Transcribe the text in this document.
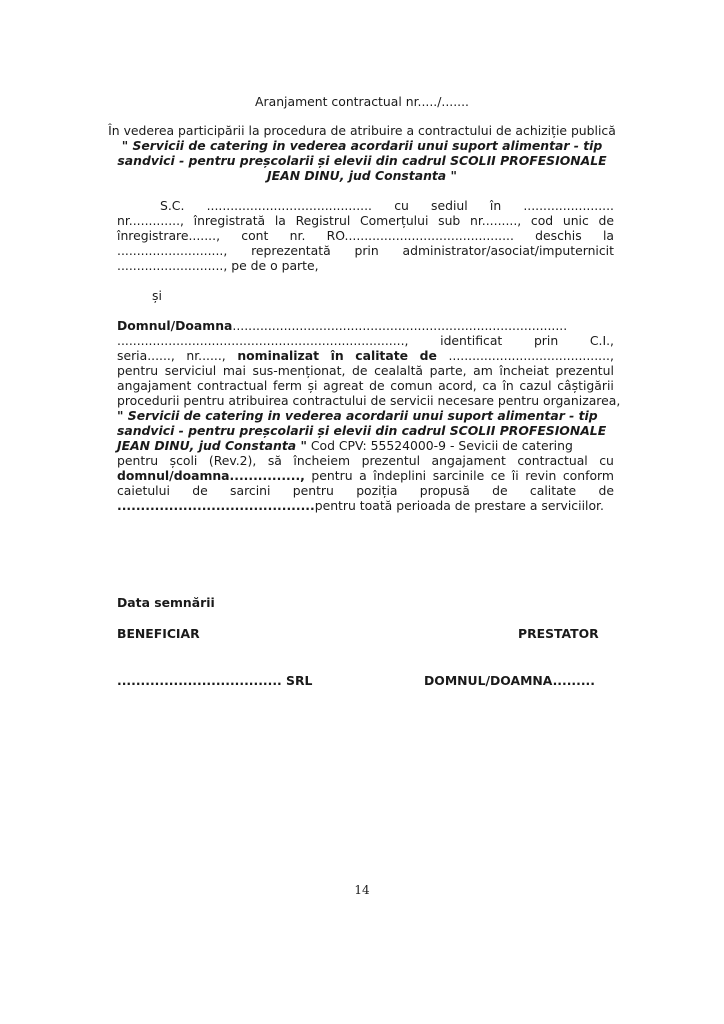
Aranjament contractual nr...../.......
În vederea participării la procedura de atribuire a contractului de achiziție publică
" Servicii de catering in vederea acordarii unui suport alimentar - tip
sandvici - pentru preșcolarii și elevii din cadrul SCOLII PROFESIONALE
JEAN DINU, jud Constanta "
S.C. .......................................... cu sediul în .......................
nr............., înregistrată la Registrul Comerțului sub nr........., cod unic de
înregistrare......., cont nr. RO........................................... deschis la
..........................., reprezentată prin administrator/asociat/imputernicit
..........................., pe de o parte,
și
Domnul/Doamna.....................................................................................
.........................................................................,	identificat	prin	C.I.,
seria......, nr......, nominalizat în calitate de .........................................,
pentru serviciul mai sus-menționat, de cealaltă parte, am încheiat prezentul
angajament contractual ferm și agreat de comun acord, ca în cazul câștigării
procedurii pentru atribuirea contractului de servicii necesare pentru organizarea,
" Servicii de catering in vederea acordarii unui suport alimentar - tip
sandvici - pentru preșcolarii și elevii din cadrul SCOLII PROFESIONALE
JEAN DINU, jud Constanta " Cod CPV: 55524000-9 - Sevicii de catering
pentru școli (Rev.2), să încheiem prezentul angajament contractual cu
domnul/doamna..............., pentru a îndeplini sarcinile ce îi revin conform
caietului de sarcini pentru poziția propusă de calitate de
..........................................pentru toată perioada de prestare a serviciilor.
Data semnării
BENEFICIAR	PRESTATOR
................................... SRL	DOMNUL/DOAMNA.........
14
